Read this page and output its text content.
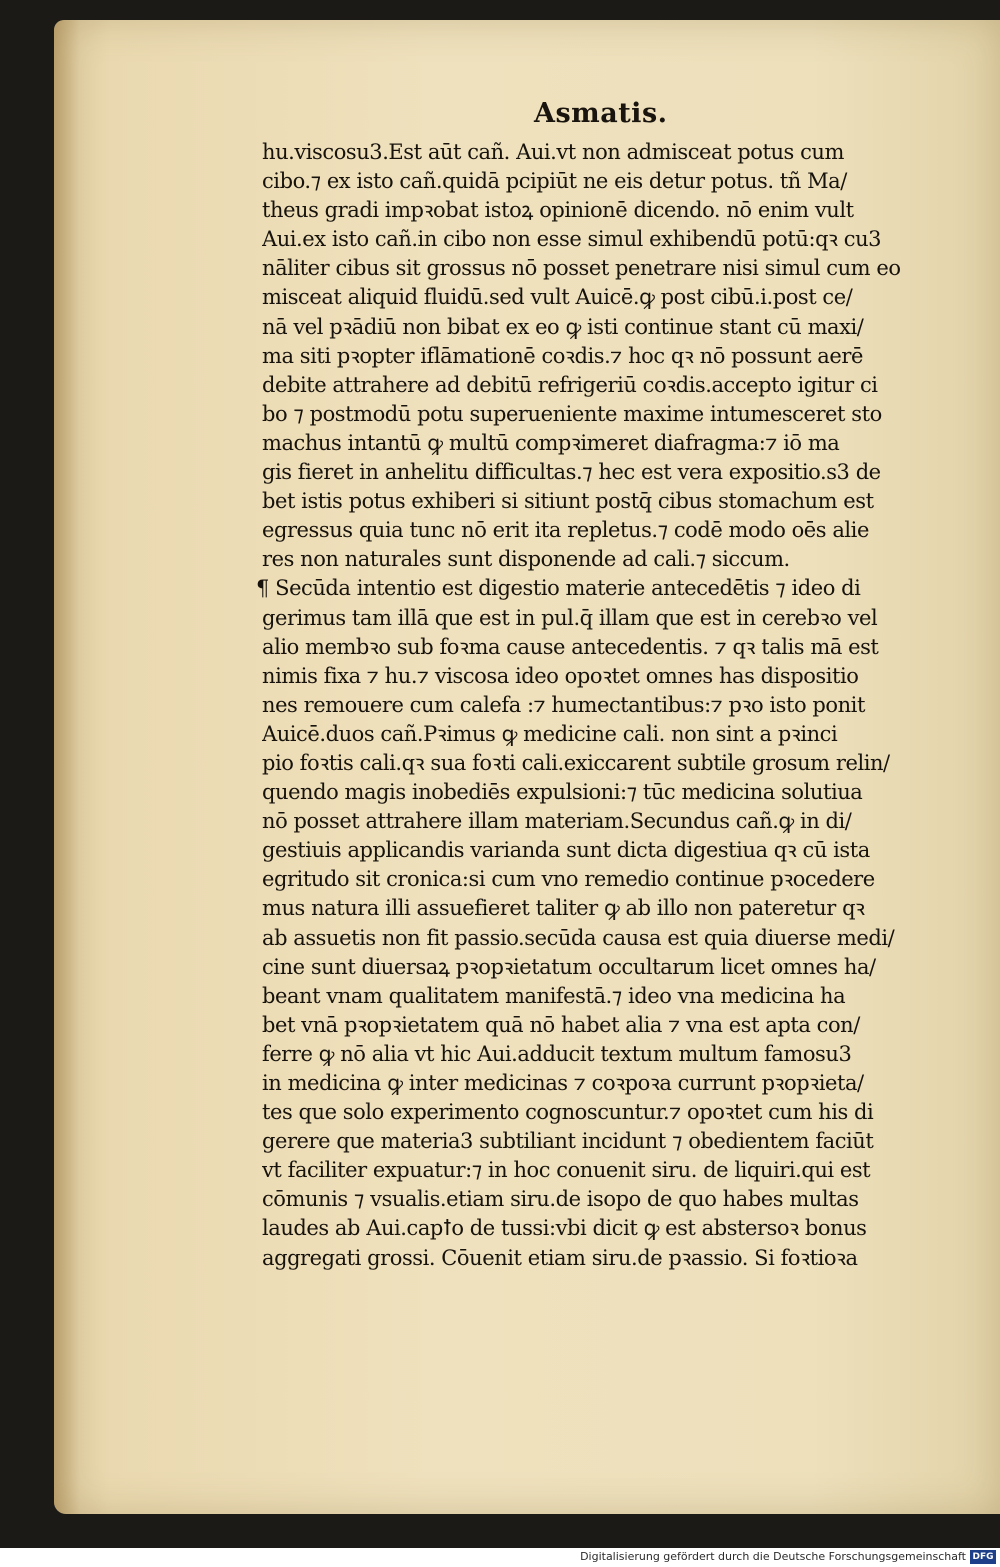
Asmatis.
hu.viscosu3.Est aūt cañ. Aui.vt non admisceat potus cum
cibo.⁊ ex isto cañ.quidā pcipiūt ne eis detur potus. tñ Ma/
theus gradi impꝛobat istoꝝ opinionē dicendo. nō enim vult
Aui.ex isto cañ.in cibo non esse simul exhibendū potū:qꝛ cu3
nāliter cibus sit grossus nō posset penetrare nisi simul cum eo
misceat aliquid fluidū.sed vult Auicē.ꝙ post cibū.i.post ce/
nā vel pꝛādiū non bibat ex eo ꝙ isti continue stant cū maxi/
ma siti pꝛopter iflāmationē coꝛdis.⁊ hoc qꝛ nō possunt aerē
debite attrahere ad debitū refrigeriū coꝛdis.accepto igitur ci
bo ⁊ postmodū potu superueniente maxime intumesceret sto
machus intantū ꝙ multū compꝛimeret diafragma:⁊ iō ma
gis fieret in anhelitu difficultas.⁊ hec est vera expositio.s3 de
bet istis potus exhiberi si sitiunt postq̄ cibus stomachum est
egressus quia tunc nō erit ita repletus.⁊ codē modo oēs alie
res non naturales sunt disponende ad cali.⁊ siccum.
¶ Secūda intentio est digestio materie antecedētis ⁊ ideo di
gerimus tam illā que est in pul.q̄ illam que est in cerebꝛo vel
alio membꝛo sub foꝛma cause antecedentis. ⁊ qꝛ talis mā est
nimis fixa ⁊ hu.⁊ viscosa ideo opoꝛtet omnes has dispositio
nes remouere cum calefa :⁊ humectantibus:⁊ pꝛo isto ponit
Auicē.duos cañ.Pꝛimus ꝙ medicine cali. non sint a pꝛinci
pio foꝛtis cali.qꝛ sua foꝛti cali.exiccarent subtile grosum relin/
quendo magis inobediēs expulsioni:⁊ tūc medicina solutiua
nō posset attrahere illam materiam.Secundus cañ.ꝙ in di/
gestiuis applicandis varianda sunt dicta digestiua qꝛ cū ista
egritudo sit cronica:si cum vno remedio continue pꝛocedere
mus natura illi assuefieret taliter ꝙ ab illo non pateretur qꝛ
ab assuetis non fit passio.secūda causa est quia diuerse medi/
cine sunt diuersaꝝ pꝛopꝛietatum occultarum licet omnes ha/
beant vnam qualitatem manifestā.⁊ ideo vna medicina ha
bet vnā pꝛopꝛietatem quā nō habet alia ⁊ vna est apta con/
ferre ꝙ nō alia vt hic Aui.adducit textum multum famosu3
in medicina ꝙ inter medicinas ⁊ coꝛpoꝛa currunt pꝛopꝛieta/
tes que solo experimento cognoscuntur.⁊ opoꝛtet cum his di
gerere que materia3 subtiliant incidunt ⁊ obedientem faciūt
vt faciliter expuatur:⁊ in hoc conuenit siru. de liquiri.qui est
cōmunis ⁊ vsualis.etiam siru.de isopo de quo habes multas
laudes ab Aui.capꝉo de tussi:vbi dicit ꝙ est abstersoꝛ bonus
aggregati grossi. Cōuenit etiam siru.de pꝛassio. Si foꝛtioꝛa
Digitalisierung gefördert durch die Deutsche Forschungsgemeinschaft DFG
